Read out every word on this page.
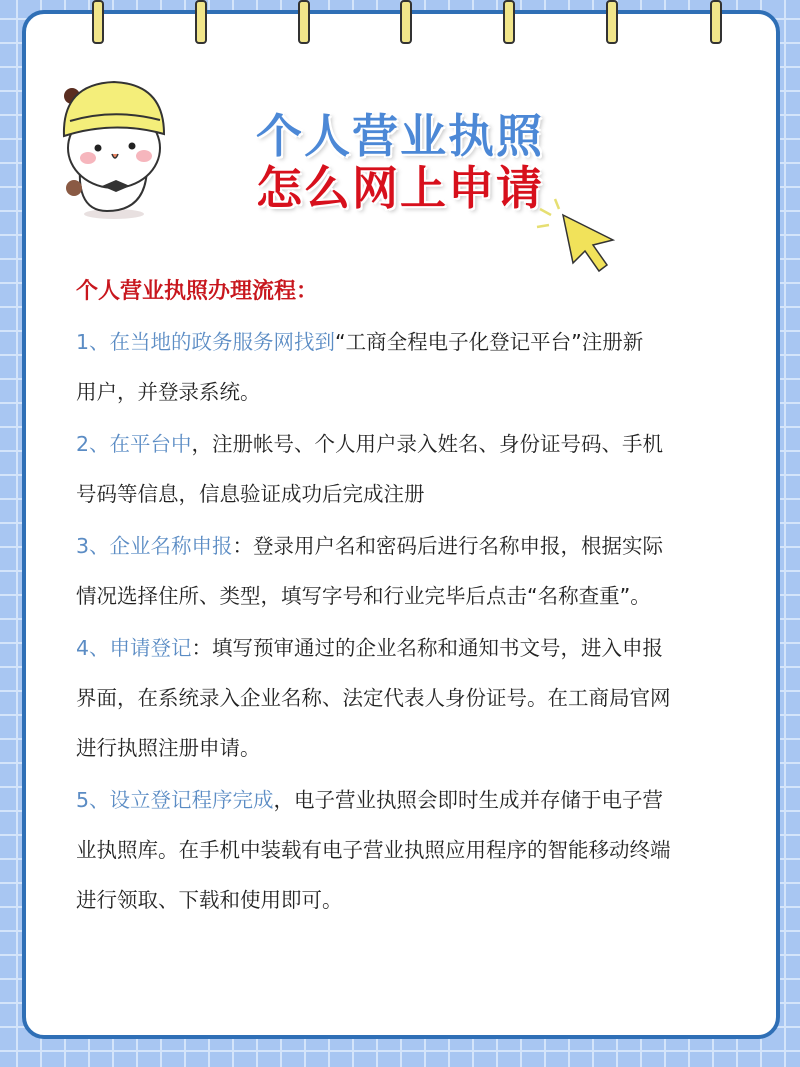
个人营业执照
怎么网上申请
个人营业执照办理流程：
1、在当地的政务服务网找到“工商全程电子化登记平台”注册新
用户，并登录系统。
2、在平台中，注册帐号、个人用户录入姓名、身份证号码、手机
号码等信息，信息验证成功后完成注册
3、企业名称申报：登录用户名和密码后进行名称申报，根据实际
情况选择住所、类型，填写字号和行业完毕后点击“名称查重”。
4、申请登记：填写预审通过的企业名称和通知书文号，进入申报
界面，在系统录入企业名称、法定代表人身份证号。在工商局官网
进行执照注册申请。
5、设立登记程序完成，电子营业执照会即时生成并存储于电子营
业执照库。在手机中装载有电子营业执照应用程序的智能移动终端
进行领取、下载和使用即可。
